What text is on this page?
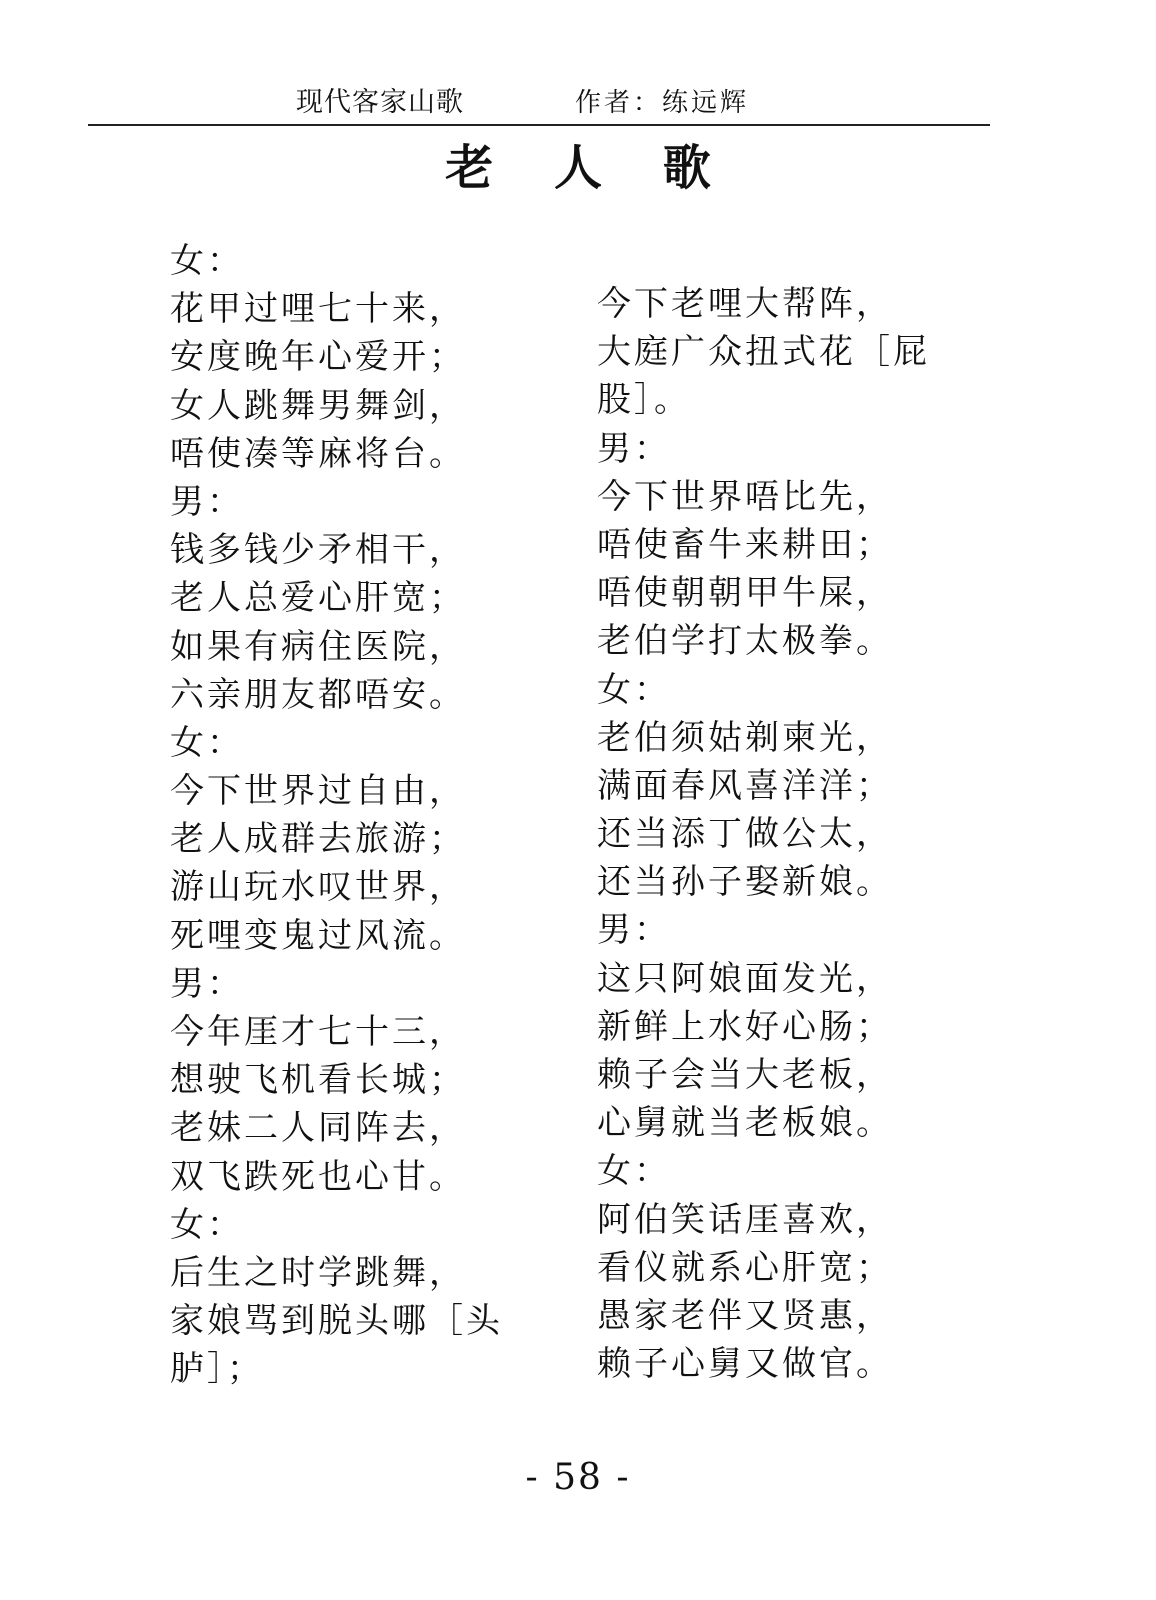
现代客家山歌	作者：练远辉
老 人 歌
女：
花甲过哩七十来，
安度晚年心爱开；
女人跳舞男舞剑，
唔使凑等麻将台。
男：
钱多钱少矛相干，
老人总爱心肝宽；
如果有病住医院，
六亲朋友都唔安。
女：
今下世界过自由，
老人成群去旅游；
游山玩水叹世界，
死哩变鬼过风流。
男：
今年厓才七十三，
想驶飞机看长城；
老妹二人同阵去，
双飞跌死也心甘。
女：
后生之时学跳舞，
家娘骂到脱头哪［头
胪］；
今下老哩大帮阵，
大庭广众扭式花［屁
股］。
男：
今下世界唔比先，
唔使畜牛来耕田；
唔使朝朝甲牛屎，
老伯学打太极拳。
女：
老伯须姑剃柬光，
满面春风喜洋洋；
还当添丁做公太，
还当孙子娶新娘。
男：
这只阿娘面发光，
新鲜上水好心肠；
赖子会当大老板，
心舅就当老板娘。
女：
阿伯笑话厓喜欢，
看仪就系心肝宽；
愚家老伴又贤惠，
赖子心舅又做官。
- 58 -
